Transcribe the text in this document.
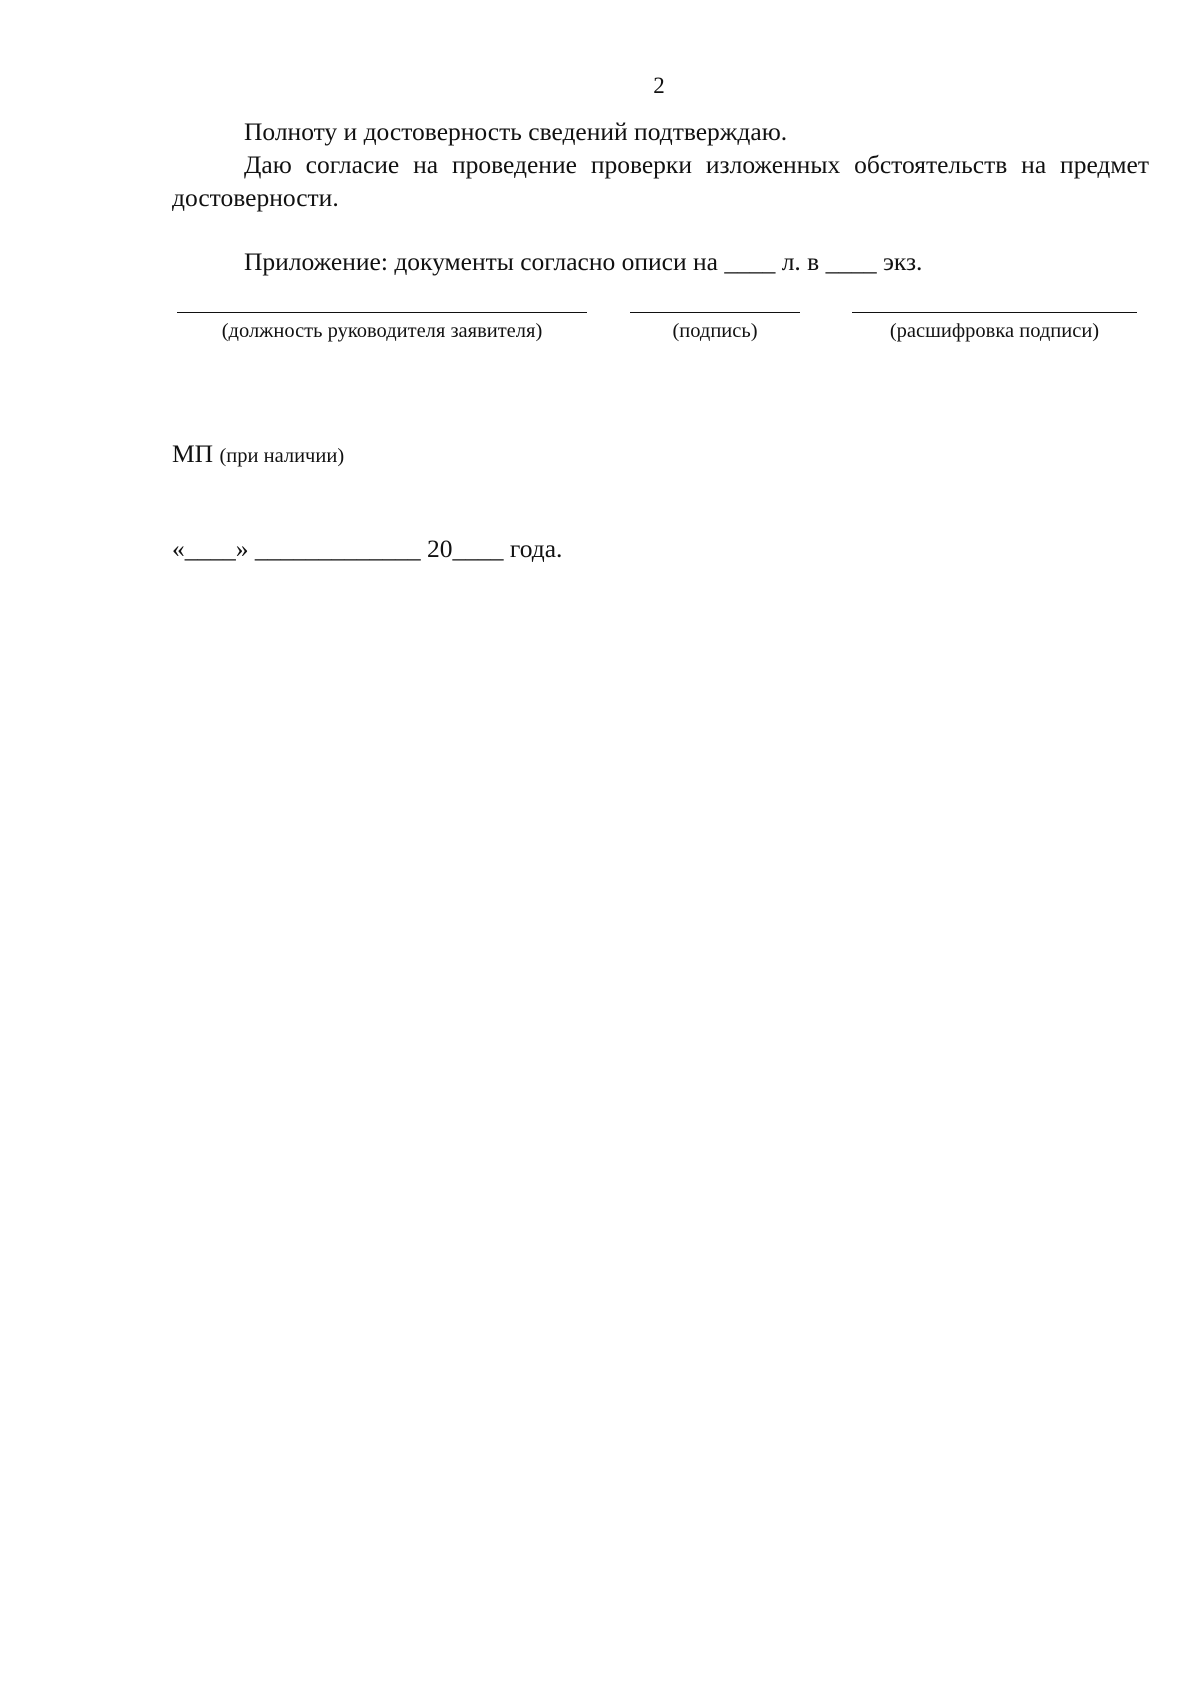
2

Полноту и достоверность сведений подтверждаю.

Даю согласие на проведение проверки изложенных обстоятельств на предмет достоверности.

Приложение: документы согласно описи на ____ л. в ____ экз.

(должность руководителя заявителя)	(подпись)	(расшифровка подписи)
МП (при наличии)
«____» _____________ 20____ года.
